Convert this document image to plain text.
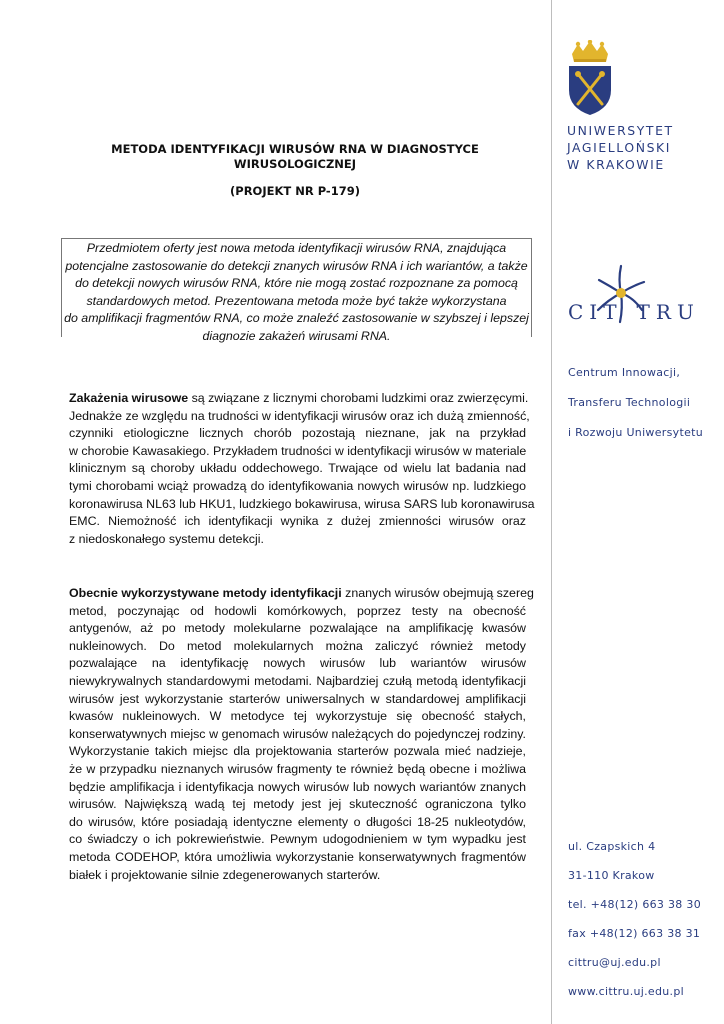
METODA IDENTYFIKACJI WIRUSÓW RNA W DIAGNOSTYCE
WIRUSOLOGICZNEJ
(PROJEKT NR P-179)
Przedmiotem oferty jest nowa metoda identyfikacji wirusów RNA, znajdująca
potencjalne zastosowanie do detekcji znanych wirusów RNA i ich wariantów, a także
do detekcji nowych wirusów RNA, które nie mogą zostać rozpoznane za pomocą
standardowych metod. Prezentowana metoda może być także wykorzystana
do amplifikacji fragmentów RNA, co może znaleźć zastosowanie w szybszej i lepszej
diagnozie zakażeń wirusami RNA.
Zakażenia wirusowe są związane z licznymi chorobami ludzkimi oraz zwierzęcymi.
Jednakże ze względu na trudności w identyfikacji wirusów oraz ich dużą zmienność,
czynniki etiologiczne licznych chorób pozostają nieznane, jak na przykład
w chorobie Kawasakiego. Przykładem trudności w identyfikacji wirusów w materiale
klinicznym są choroby układu oddechowego. Trwające od wielu lat badania nad
tymi chorobami wciąż prowadzą do identyfikowania nowych wirusów np. ludzkiego
koronawirusa NL63 lub HKU1, ludzkiego bokawirusa, wirusa SARS lub koronawirusa
EMC. Niemożność ich identyfikacji wynika z dużej zmienności wirusów oraz
z niedoskonałego systemu detekcji.
Obecnie wykorzystywane metody identyfikacji znanych wirusów obejmują szereg
metod, poczynając od hodowli komórkowych, poprzez testy na obecność
antygenów, aż po metody molekularne pozwalające na amplifikację kwasów
nukleinowych. Do metod molekularnych można zaliczyć również metody
pozwalające na identyfikację nowych wirusów lub wariantów wirusów
niewykrywalnych standardowymi metodami. Najbardziej czułą metodą identyfikacji
wirusów jest wykorzystanie starterów uniwersalnych w standardowej amplifikacji
kwasów nukleinowych. W metodyce tej wykorzystuje się obecność stałych,
konserwatywnych miejsc w genomach wirusów należących do pojedynczej rodziny.
Wykorzystanie takich miejsc dla projektowania starterów pozwala mieć nadzieje,
że w przypadku nieznanych wirusów fragmenty te również będą obecne i możliwa
będzie amplifikacja i identyfikacja nowych wirusów lub nowych wariantów znanych
wirusów. Największą wadą tej metody jest jej skuteczność ograniczona tylko
do wirusów, które posiadają identyczne elementy o długości 18-25 nukleotydów,
co świadczy o ich pokrewieństwie. Pewnym udogodnieniem w tym wypadku jest
metoda CODEHOP, która umożliwia wykorzystanie konserwatywnych fragmentów
białek i projektowanie silnie zdegenerowanych starterów.
UNIWERSYTET
JAGIELLOŃSKI
W KRAKOWIE
CIT TRU
Centrum Innowacji,
Transferu Technologii
i Rozwoju Uniwersytetu
ul. Czapskich 4
31-110 Krakow
tel. +48(12) 663 38 30
fax +48(12) 663 38 31
cittru@uj.edu.pl
www.cittru.uj.edu.pl
